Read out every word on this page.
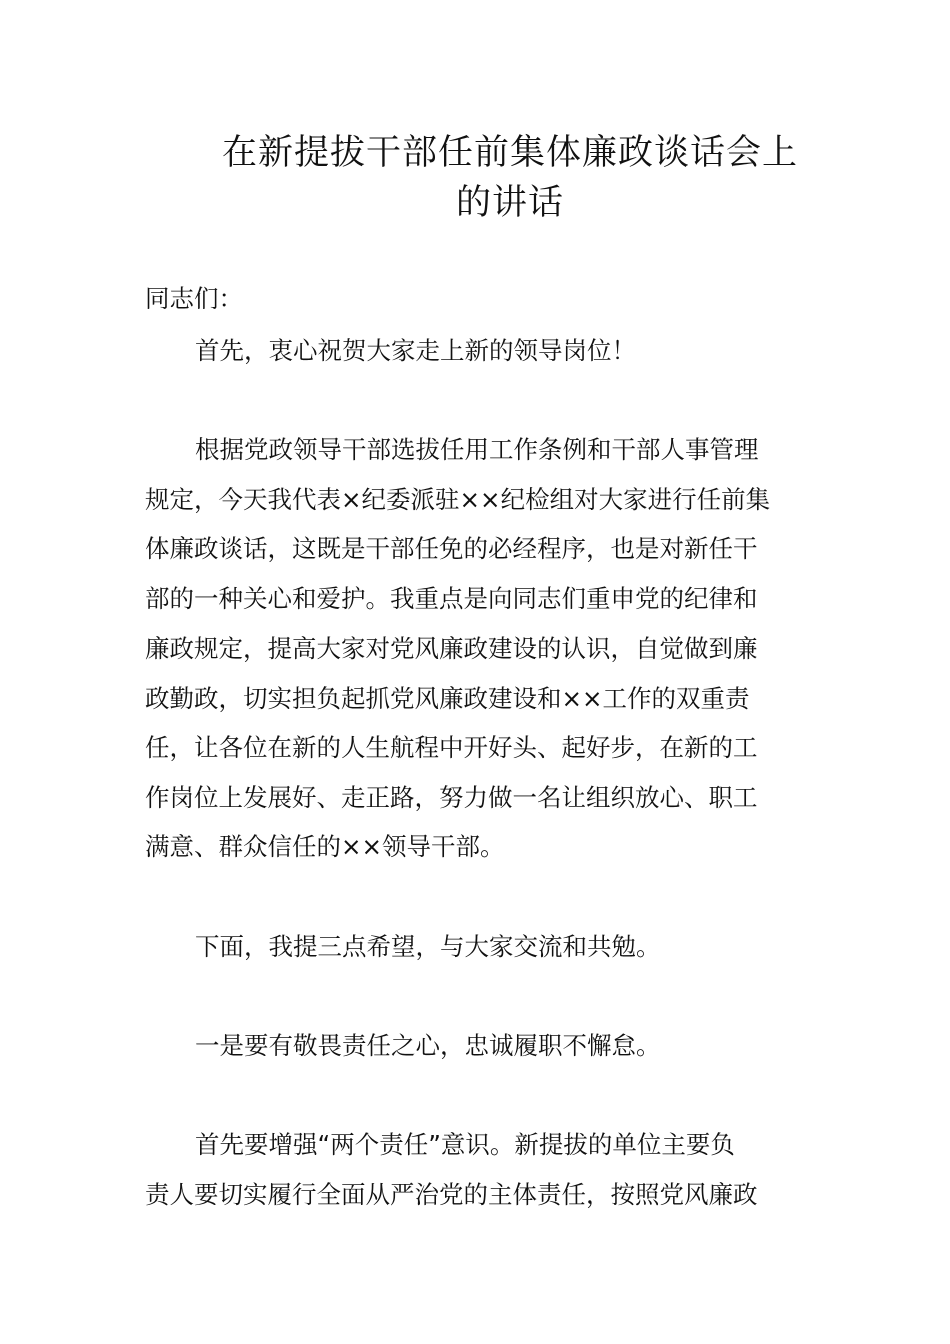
在新提拔干部任前集体廉政谈话会上
的讲话

同志们：

首先，衷心祝贺大家走上新的领导岗位！

根据党政领导干部选拔任用工作条例和干部人事管理

规定，今天我代表×纪委派驻××纪检组对大家进行任前集

体廉政谈话，这既是干部任免的必经程序，也是对新任干

部的一种关心和爱护。我重点是向同志们重申党的纪律和

廉政规定，提高大家对党风廉政建设的认识，自觉做到廉

政勤政，切实担负起抓党风廉政建设和××工作的双重责

任，让各位在新的人生航程中开好头、起好步，在新的工

作岗位上发展好、走正路，努力做一名让组织放心、职工

满意、群众信任的××领导干部。

下面，我提三点希望，与大家交流和共勉。

一是要有敬畏责任之心，忠诚履职不懈怠。

首先要增强“两个责任”意识。新提拔的单位主要负

责人要切实履行全面从严治党的主体责任，按照党风廉政
